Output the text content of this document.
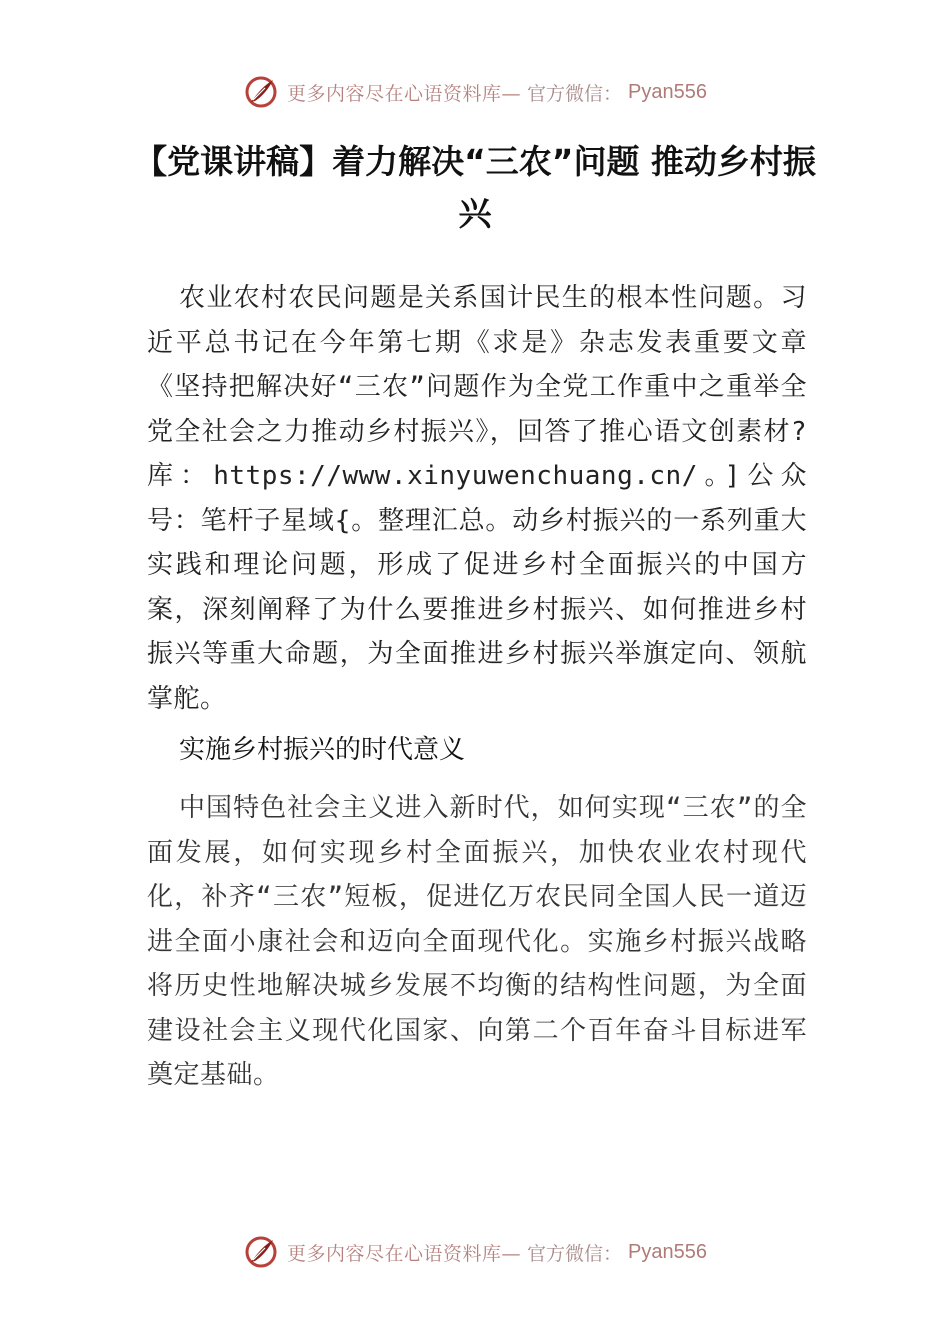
更多内容尽在心语资料库— 官方微信： Pyan556
【党课讲稿】着力解决“三农”问题 推动乡村振兴

农业农村农民问题是关系国计民生的根本性问题。习近平总书记在今年第七期《求是》杂志发表重要文章《坚持把解决好“三农”问题作为全党工作重中之重举全党全社会之力推动乡村振兴》，回答了推心语文创素材?库：https://www.xinyuwenchuang.cn/。]公众号：笔杆子星域{。整理汇总。动乡村振兴的一系列重大实践和理论问题，形成了促进乡村全面振兴的中国方案，深刻阐释了为什么要推进乡村振兴、如何推进乡村振兴等重大命题，为全面推进乡村振兴举旗定向、领航掌舵。

实施乡村振兴的时代意义

中国特色社会主义进入新时代，如何实现“三农”的全面发展，如何实现乡村全面振兴，加快农业农村现代化，补齐“三农”短板，促进亿万农民同全国人民一道迈进全面小康社会和迈向全面现代化。实施乡村振兴战略将历史性地解决城乡发展不均衡的结构性问题，为全面建设社会主义现代化国家、向第二个百年奋斗目标进军奠定基础。

更多内容尽在心语资料库— 官方微信： Pyan556
